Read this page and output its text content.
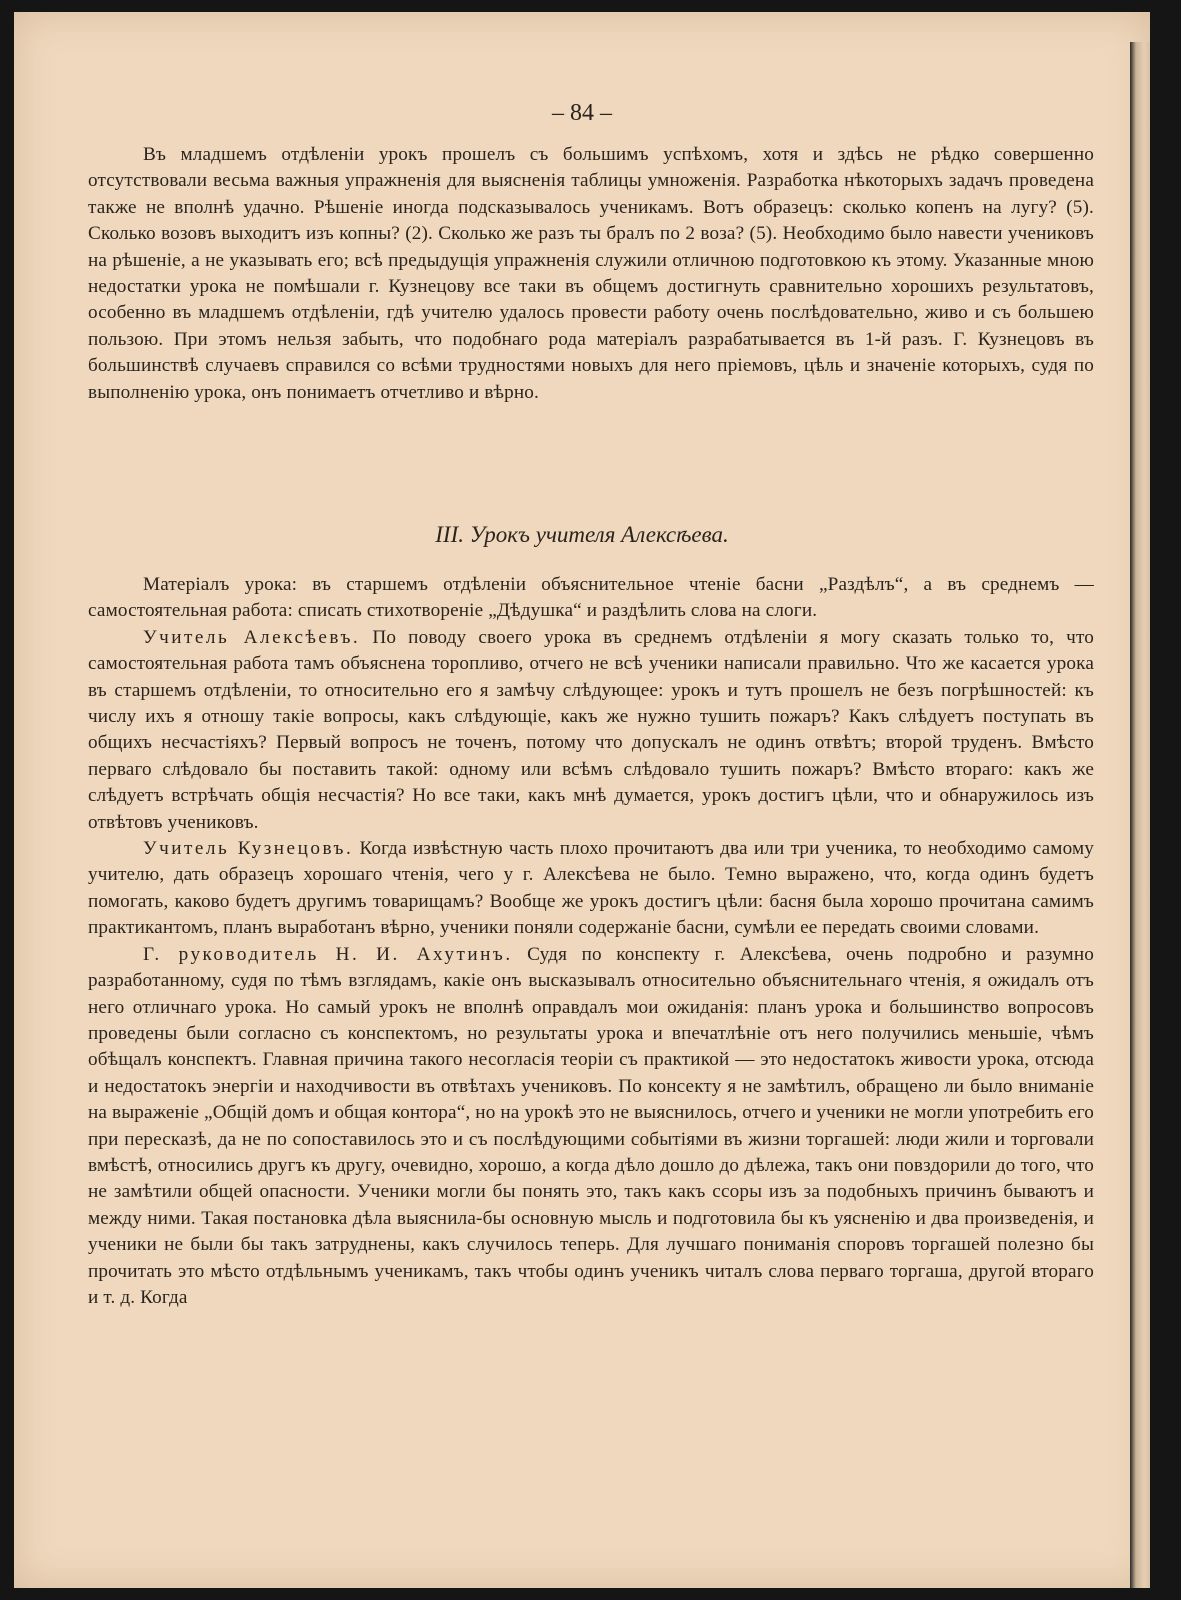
– 84 –

Въ младшемъ отдѣленіи урокъ прошелъ съ большимъ успѣхомъ, хотя и здѣсь не рѣдко совершенно отсутствовали весьма важныя упражненія для выясненія таблицы умноженія. Разработка нѣкоторыхъ задачъ проведена также не вполнѣ удачно. Рѣшеніе иногда подсказывалось ученикамъ. Вотъ образецъ: сколько копенъ на лугу? (5). Сколько возовъ выходитъ изъ копны? (2). Сколько же разъ ты бралъ по 2 воза? (5). Необходимо было навести учениковъ на рѣшеніе, а не указывать его; всѣ предыдущія упражненія служили отличною подготовкою къ этому. Указанные мною недостатки урока не помѣшали г. Кузнецову все таки въ общемъ достигнуть сравнительно хорошихъ результатовъ, особенно въ младшемъ отдѣленіи, гдѣ учителю удалось провести работу очень послѣдовательно, живо и съ большею пользою. При этомъ нельзя забыть, что подобнаго рода матеріалъ разрабатывается въ 1-й разъ. Г. Кузнецовъ въ большинствѣ случаевъ справился со всѣми трудностями новыхъ для него пріемовъ, цѣль и значеніе которыхъ, судя по выполненію урока, онъ понимаетъ отчетливо и вѣрно.

III. Урокъ учителя Алексѣева.

Матеріалъ урока: въ старшемъ отдѣленіи объяснительное чтеніе басни „Раздѣлъ“, а въ среднемъ — самостоятельная работа: списать стихотвореніе „Дѣдушка“ и раздѣлить слова на слоги.

Учитель Алексѣевъ. По поводу своего урока въ среднемъ отдѣленіи я могу сказать только то, что самостоятельная работа тамъ объяснена торопливо, отчего не всѣ ученики написали правильно. Что же касается урока въ старшемъ отдѣленіи, то относительно его я замѣчу слѣдующее: урокъ и тутъ прошелъ не безъ погрѣшностей: къ числу ихъ я отношу такіе вопросы, какъ слѣдующіе, какъ же нужно тушить пожаръ? Какъ слѣдуетъ поступать въ общихъ несчастіяхъ? Первый вопросъ не точенъ, потому что допускалъ не одинъ отвѣтъ; второй труденъ. Вмѣсто перваго слѣдовало бы поставить такой: одному или всѣмъ слѣдовало тушить пожаръ? Вмѣсто втораго: какъ же слѣдуетъ встрѣчать общія несчастія? Но все таки, какъ мнѣ думается, урокъ достигъ цѣли, что и обнаружилось изъ отвѣтовъ учениковъ.

Учитель Кузнецовъ. Когда извѣстную часть плохо прочитаютъ два или три ученика, то необходимо самому учителю, дать образецъ хорошаго чтенія, чего у г. Алексѣева не было. Темно выражено, что, когда одинъ будетъ помогать, каково будетъ другимъ товарищамъ? Вообще же урокъ достигъ цѣли: басня была хорошо прочитана самимъ практикантомъ, планъ выработанъ вѣрно, ученики поняли содержаніе басни, сумѣли ее передать своими словами.

Г. руководитель Н. И. Ахутинъ. Судя по конспекту г. Алексѣева, очень подробно и разумно разработанному, судя по тѣмъ взглядамъ, какіе онъ высказывалъ относительно объяснительнаго чтенія, я ожидалъ отъ него отличнаго урока. Но самый урокъ не вполнѣ оправдалъ мои ожиданія: планъ урока и большинство вопросовъ проведены были согласно съ конспектомъ, но результаты урока и впечатлѣніе отъ него получились меньшіе, чѣмъ обѣщалъ конспектъ. Главная причина такого несогласія теоріи съ практикой — это недостатокъ живости урока, отсюда и недостатокъ энергіи и находчивости въ отвѣтахъ учениковъ. По консекту я не замѣтилъ, обращено ли было вниманіе на выраженіе „Общій домъ и общая контора“, но на урокѣ это не выяснилось, отчего и ученики не могли употребить его при пересказѣ, да не по сопоставилось это и съ послѣдующими событіями въ жизни торгашей: люди жили и торговали вмѣстѣ, относились другъ къ другу, очевидно, хорошо, а когда дѣло дошло до дѣлежа, такъ они повздорили до того, что не замѣтили общей опасности. Ученики могли бы понять это, такъ какъ ссоры изъ за подобныхъ причинъ бываютъ и между ними. Такая постановка дѣла выяснила-бы основную мысль и подготовила бы къ уясненію и два произведенія, и ученики не были бы такъ затруднены, какъ случилось теперь. Для лучшаго пониманія споровъ торгашей полезно бы прочитать это мѣсто отдѣльнымъ ученикамъ, такъ чтобы одинъ ученикъ читалъ слова перваго торгаша, другой втораго и т. д. Когда
